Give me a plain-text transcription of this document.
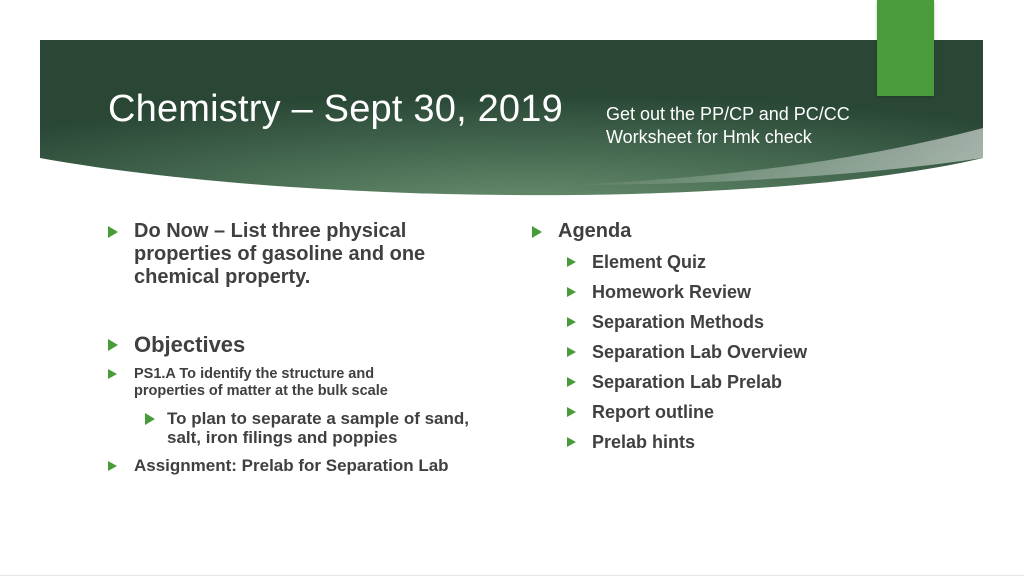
Chemistry – Sept 30, 2019 Get out the PP/CP and PC/CC Worksheet for Hmk check
Do Now – List three physical properties of gasoline and one chemical property.
Objectives
PS1.A To identify the structure and properties of matter at the bulk scale
To plan to separate a sample of sand, salt, iron filings and poppies
Assignment: Prelab for Separation Lab
Agenda
Element Quiz
Homework Review
Separation Methods
Separation Lab Overview
Separation Lab Prelab
Report outline
Prelab hints
